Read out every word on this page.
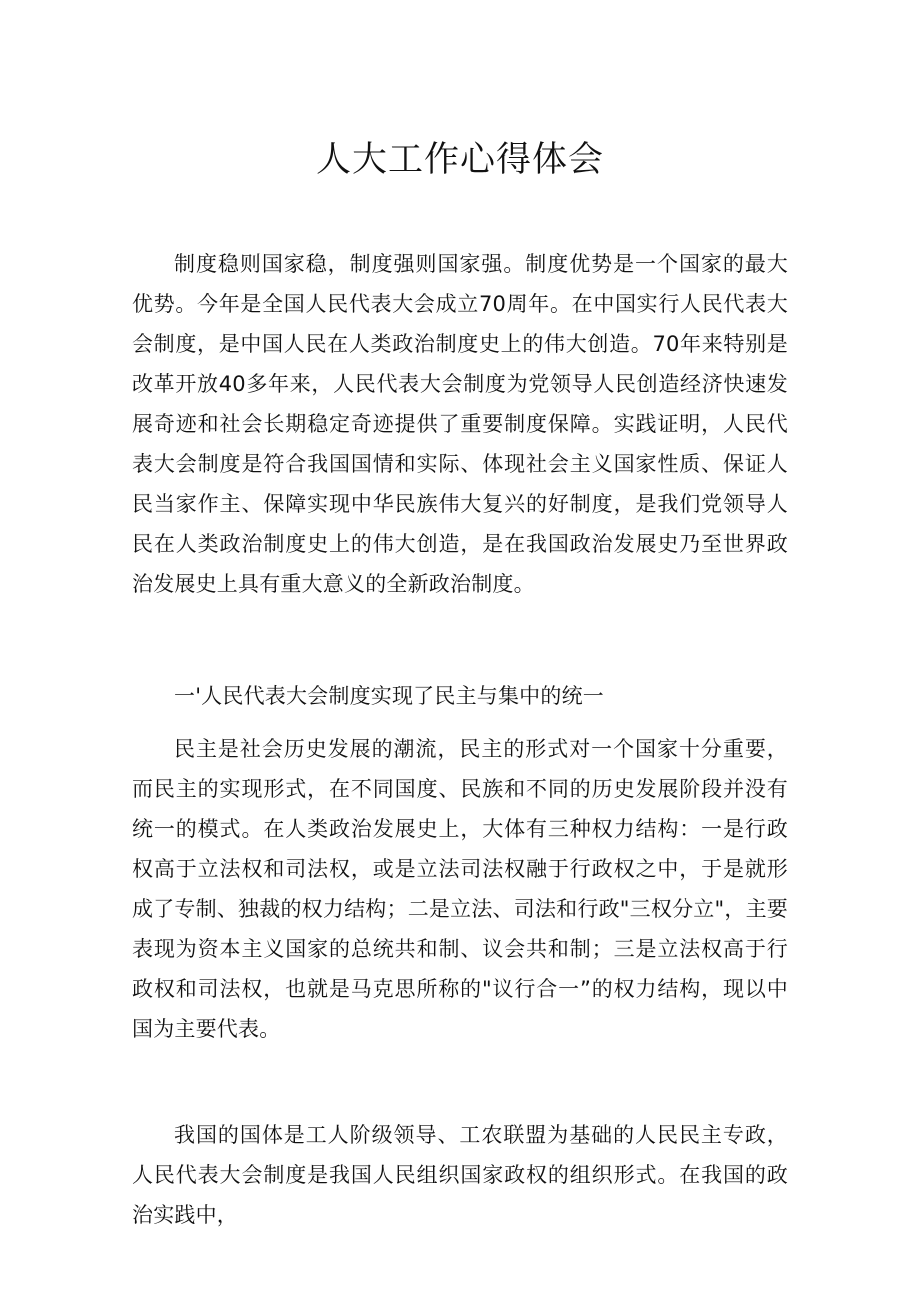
人大工作心得体会

制度稳则国家稳，制度强则国家强。制度优势是一个国家的最大优势。今年是全国人民代表大会成立70周年。在中国实行人民代表大会制度，是中国人民在人类政治制度史上的伟大创造。70年来特别是改革开放40多年来，人民代表大会制度为党领导人民创造经济快速发展奇迹和社会长期稳定奇迹提供了重要制度保障。实践证明，人民代表大会制度是符合我国国情和实际、体现社会主义国家性质、保证人民当家作主、保障实现中华民族伟大复兴的好制度，是我们党领导人民在人类政治制度史上的伟大创造，是在我国政治发展史乃至世界政治发展史上具有重大意义的全新政治制度。

一'人民代表大会制度实现了民主与集中的统一

民主是社会历史发展的潮流，民主的形式对一个国家十分重要，而民主的实现形式，在不同国度、民族和不同的历史发展阶段并没有统一的模式。在人类政治发展史上，大体有三种权力结构：一是行政权高于立法权和司法权，或是立法司法权融于行政权之中，于是就形成了专制、独裁的权力结构；二是立法、司法和行政"三权分立"，主要表现为资本主义国家的总统共和制、议会共和制；三是立法权高于行政权和司法权，也就是马克思所称的"议行合一”的权力结构，现以中国为主要代表。

我国的国体是工人阶级领导、工农联盟为基础的人民民主专政，人民代表大会制度是我国人民组织国家政权的组织形式。在我国的政治实践中，
